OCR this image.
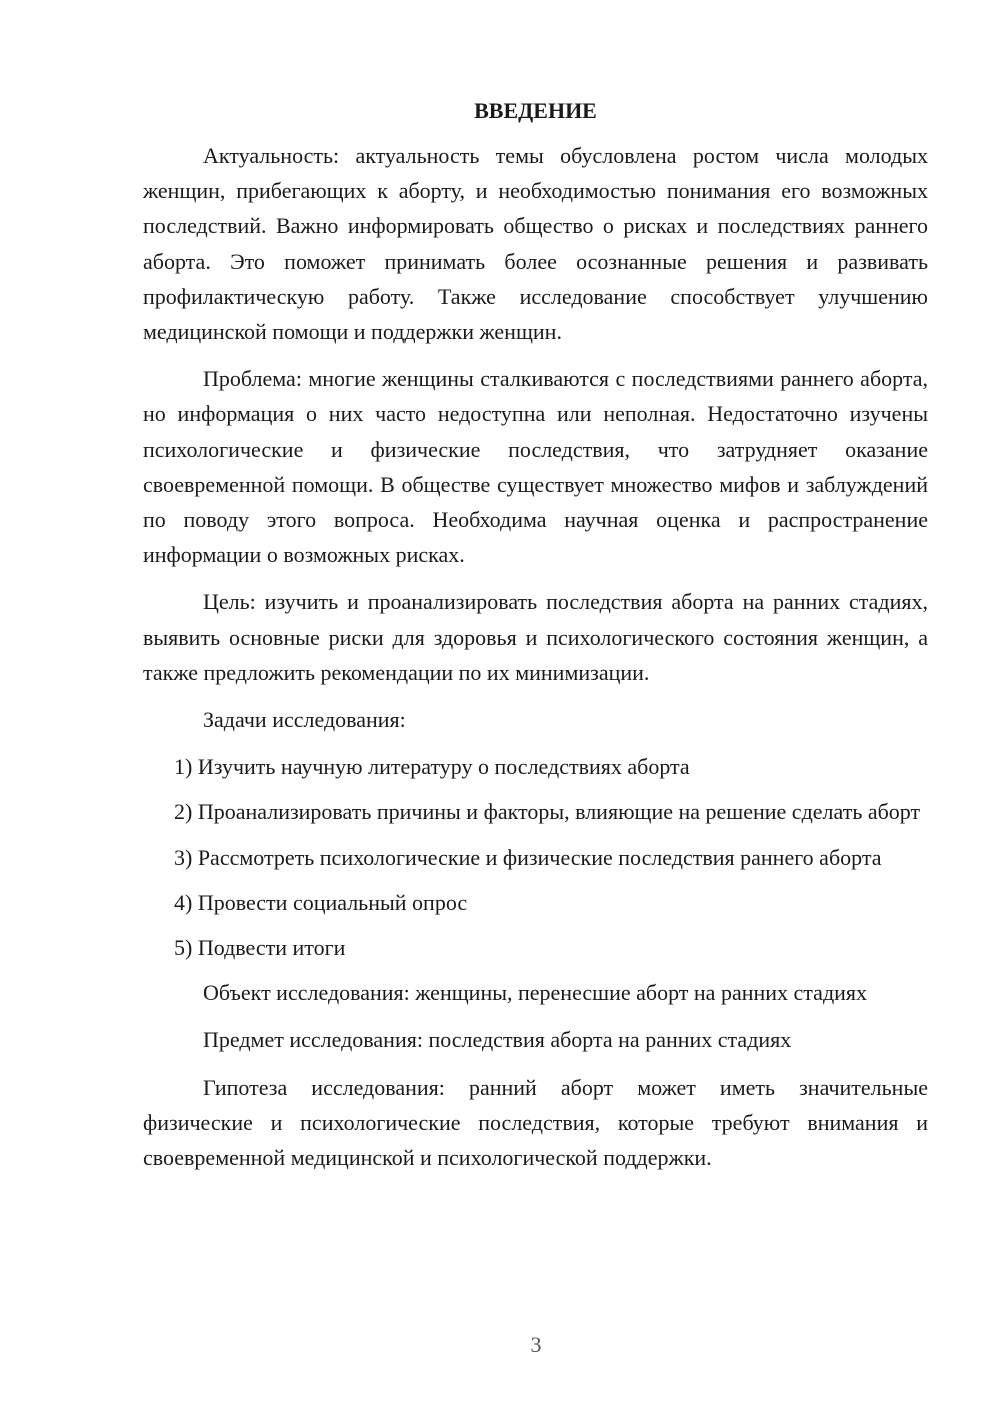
ВВЕДЕНИЕ

Актуальность: актуальность темы обусловлена ростом числа молодых женщин, прибегающих к аборту, и необходимостью понимания его возможных последствий. Важно информировать общество о рисках и последствиях раннего аборта. Это поможет принимать более осознанные решения и развивать профилактическую работу. Также исследование способствует улучшению медицинской помощи и поддержки женщин.

Проблема: многие женщины сталкиваются с последствиями раннего аборта, но информация о них часто недоступна или неполная. Недостаточно изучены психологические и физические последствия, что затрудняет оказание своевременной помощи. В обществе существует множество мифов и заблуждений по поводу этого вопроса. Необходима научная оценка и распространение информации о возможных рисках.

Цель: изучить и проанализировать последствия аборта на ранних стадиях, выявить основные риски для здоровья и психологического состояния женщин, а также предложить рекомендации по их минимизации.

Задачи исследования:

1) Изучить научную литературу о последствиях аборта

2) Проанализировать причины и факторы, влияющие на решение сделать аборт

3) Рассмотреть психологические и физические последствия раннего аборта

4) Провести социальный опрос

5) Подвести итоги

Объект исследования: женщины, перенесшие аборт на ранних стадиях

Предмет исследования: последствия аборта на ранних стадиях

Гипотеза исследования: ранний аборт может иметь значительные физические и психологические последствия, которые требуют внимания и своевременной медицинской и психологической поддержки.

3
